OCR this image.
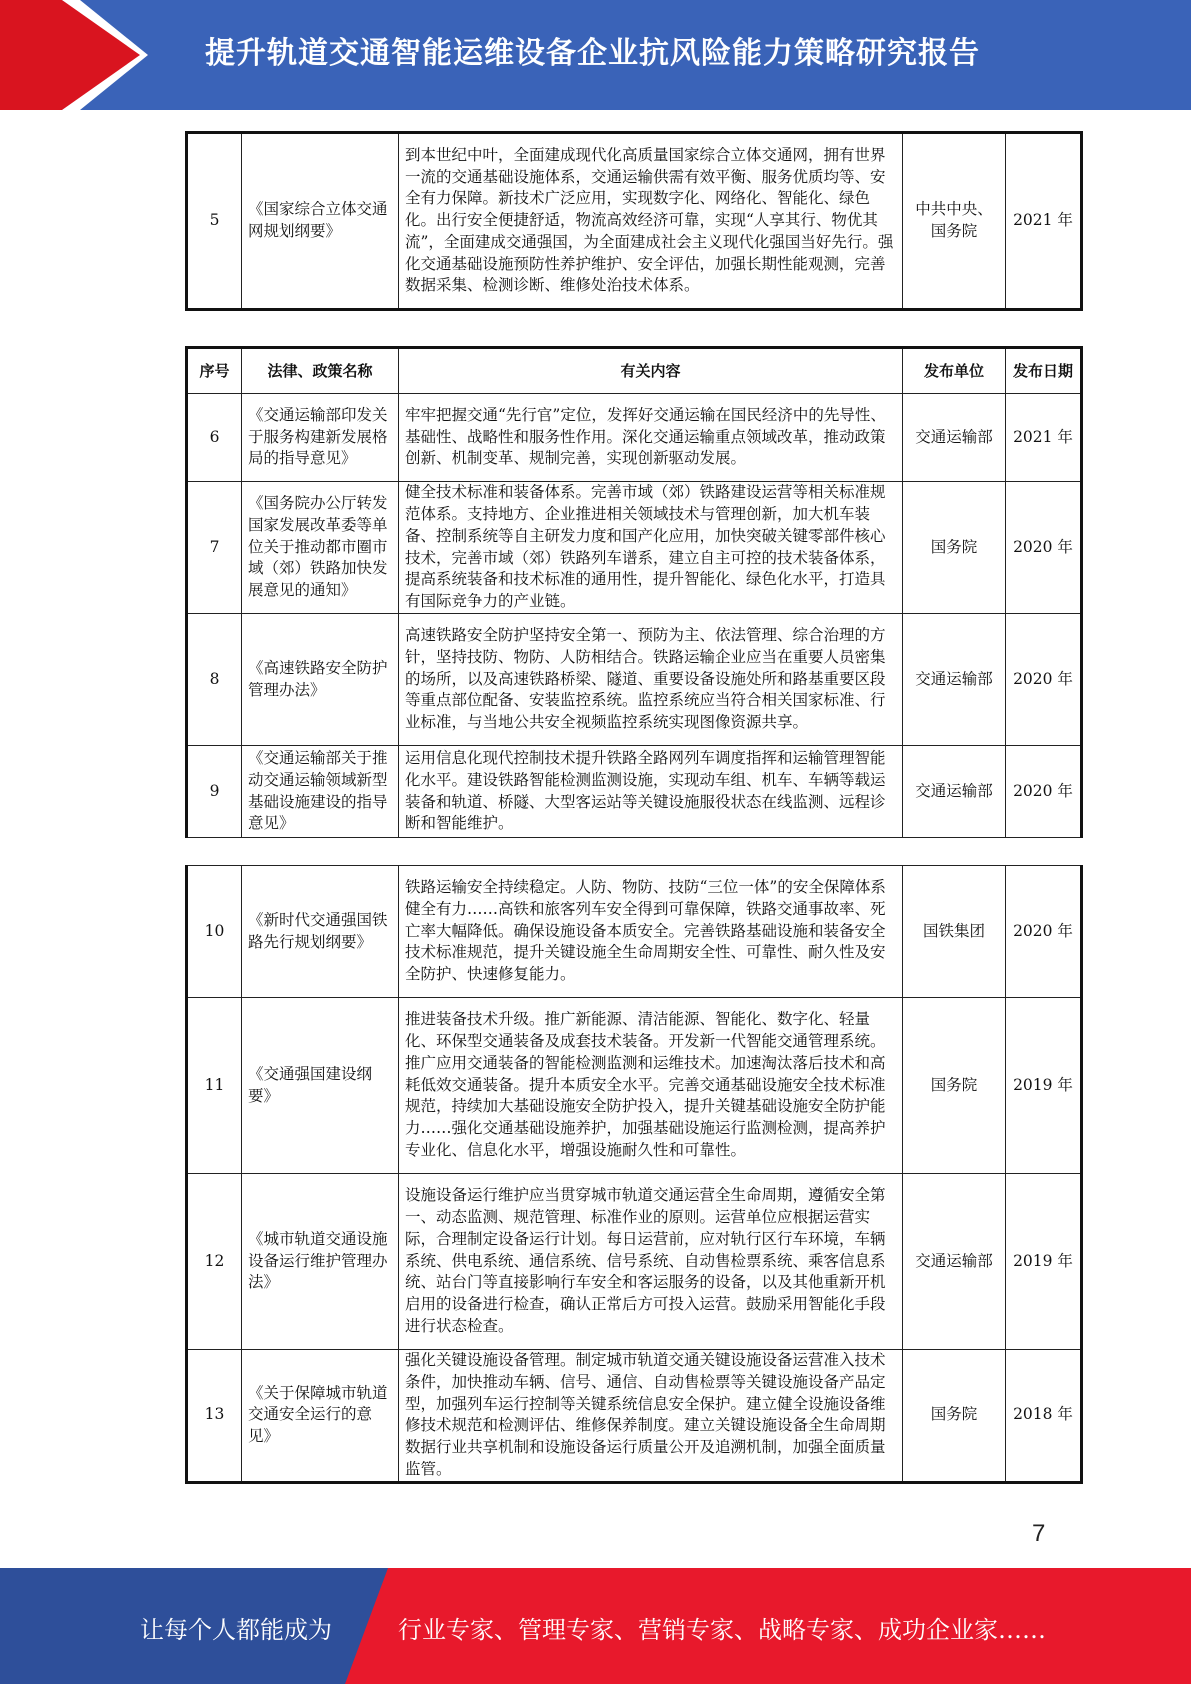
提升轨道交通智能运维设备企业抗风险能力策略研究报告
5	《国家综合立体交通网规划纲要》	到本世纪中叶，全面建成现代化高质量国家综合立体交通网，拥有世界一流的交通基础设施体系，交通运输供需有效平衡、服务优质均等、安全有力保障。新技术广泛应用，实现数字化、网络化、智能化、绿色化。出行安全便捷舒适，物流高效经济可靠，实现“人享其行、物优其流”，全面建成交通强国，为全面建成社会主义现代化强国当好先行。强化交通基础设施预防性养护维护、安全评估，加强长期性能观测，完善数据采集、检测诊断、维修处治技术体系。	中共中央、国务院	2021 年
序号	法律、政策名称	有关内容	发布单位	发布日期
6	《交通运输部印发关于服务构建新发展格局的指导意见》	牢牢把握交通“先行官”定位，发挥好交通运输在国民经济中的先导性、基础性、战略性和服务性作用。深化交通运输重点领域改革，推动政策创新、机制变革、规制完善，实现创新驱动发展。	交通运输部	2021 年
7	《国务院办公厅转发国家发展改革委等单位关于推动都市圈市域（郊）铁路加快发展意见的通知》	健全技术标准和装备体系。完善市域（郊）铁路建设运营等相关标准规范体系。支持地方、企业推进相关领域技术与管理创新，加大机车装备、控制系统等自主研发力度和国产化应用，加快突破关键零部件核心技术，完善市域（郊）铁路列车谱系，建立自主可控的技术装备体系，提高系统装备和技术标准的通用性，提升智能化、绿色化水平，打造具有国际竞争力的产业链。	国务院	2020 年
8	《高速铁路安全防护管理办法》	高速铁路安全防护坚持安全第一、预防为主、依法管理、综合治理的方针，坚持技防、物防、人防相结合。铁路运输企业应当在重要人员密集的场所，以及高速铁路桥梁、隧道、重要设备设施处所和路基重要区段等重点部位配备、安装监控系统。监控系统应当符合相关国家标准、行业标准，与当地公共安全视频监控系统实现图像资源共享。	交通运输部	2020 年
9	《交通运输部关于推动交通运输领域新型基础设施建设的指导意见》	运用信息化现代控制技术提升铁路全路网列车调度指挥和运输管理智能化水平。建设铁路智能检测监测设施，实现动车组、机车、车辆等载运装备和轨道、桥隧、大型客运站等关键设施服役状态在线监测、远程诊断和智能维护。	交通运输部	2020 年
10	《新时代交通强国铁路先行规划纲要》	铁路运输安全持续稳定。人防、物防、技防“三位一体”的安全保障体系健全有力……高铁和旅客列车安全得到可靠保障，铁路交通事故率、死亡率大幅降低。确保设施设备本质安全。完善铁路基础设施和装备安全技术标准规范，提升关键设施全生命周期安全性、可靠性、耐久性及安全防护、快速修复能力。	国铁集团	2020 年
11	《交通强国建设纲要》	推进装备技术升级。推广新能源、清洁能源、智能化、数字化、轻量化、环保型交通装备及成套技术装备。开发新一代智能交通管理系统。推广应用交通装备的智能检测监测和运维技术。加速淘汰落后技术和高耗低效交通装备。提升本质安全水平。完善交通基础设施安全技术标准规范，持续加大基础设施安全防护投入，提升关键基础设施安全防护能力……强化交通基础设施养护，加强基础设施运行监测检测，提高养护专业化、信息化水平，增强设施耐久性和可靠性。	国务院	2019 年
12	《城市轨道交通设施设备运行维护管理办法》	设施设备运行维护应当贯穿城市轨道交通运营全生命周期，遵循安全第一、动态监测、规范管理、标准作业的原则。运营单位应根据运营实际，合理制定设备运行计划。每日运营前，应对轨行区行车环境，车辆系统、供电系统、通信系统、信号系统、自动售检票系统、乘客信息系统、站台门等直接影响行车安全和客运服务的设备，以及其他重新开机启用的设备进行检查，确认正常后方可投入运营。鼓励采用智能化手段进行状态检查。	交通运输部	2019 年
13	《关于保障城市轨道交通安全运行的意见》	强化关键设施设备管理。制定城市轨道交通关键设施设备运营准入技术条件，加快推动车辆、信号、通信、自动售检票等关键设施设备产品定型，加强列车运行控制等关键系统信息安全保护。建立健全设施设备维修技术规范和检测评估、维修保养制度。建立关键设施设备全生命周期数据行业共享机制和设施设备运行质量公开及追溯机制，加强全面质量监管。	国务院	2018 年
7
让每个人都能成为	行业专家、管理专家、营销专家、战略专家、成功企业家……
